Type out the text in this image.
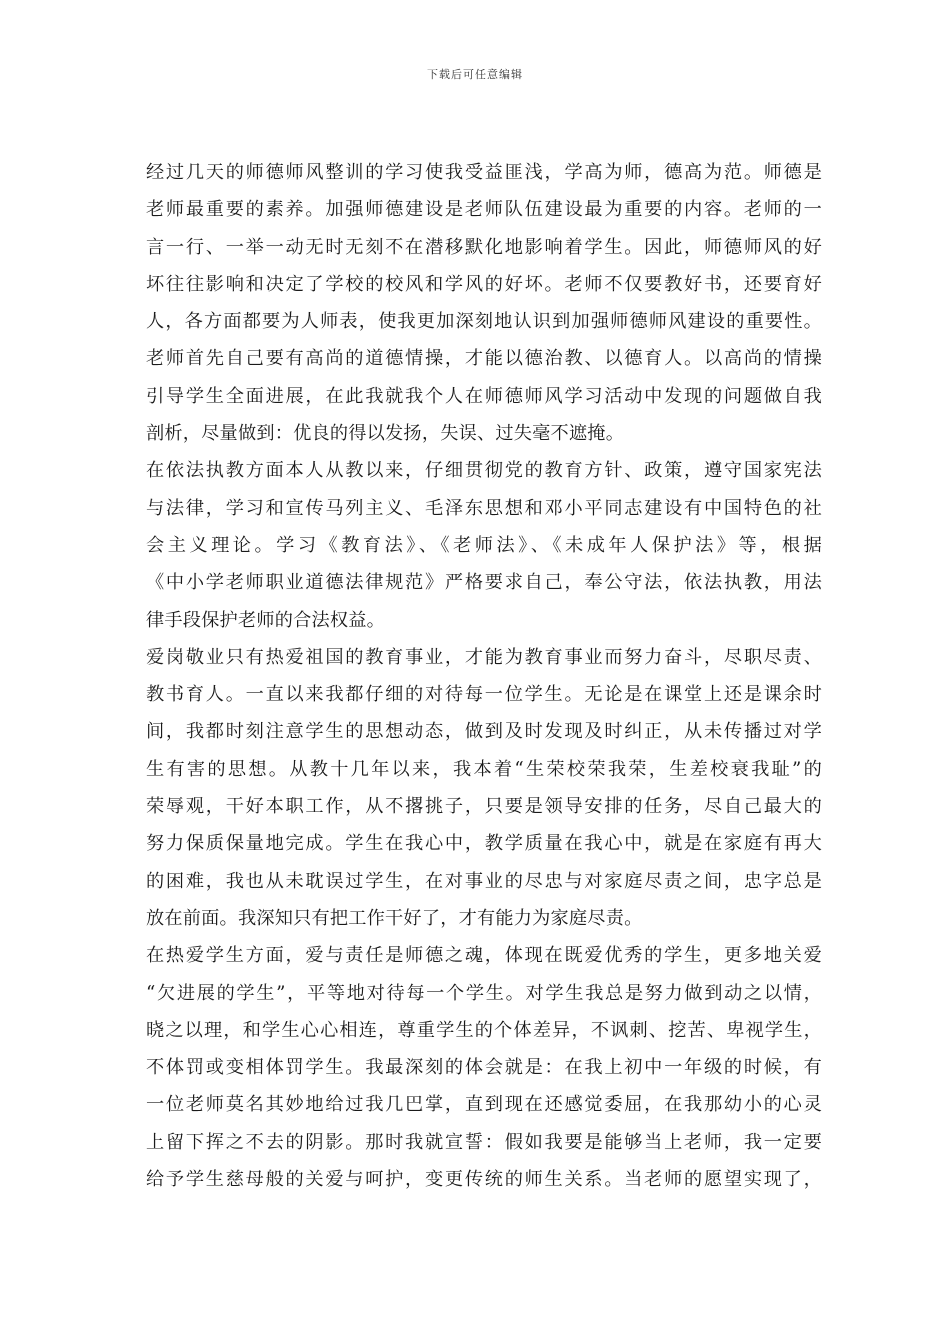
下载后可任意编辑
经过几天的师德师风整训的学习使我受益匪浅，学高为师，德高为范。师德是
老师最重要的素养。加强师德建设是老师队伍建设最为重要的内容。老师的一
言一行、一举一动无时无刻不在潜移默化地影响着学生。因此，师德师风的好
坏往往影响和决定了学校的校风和学风的好坏。老师不仅要教好书，还要育好
人，各方面都要为人师表，使我更加深刻地认识到加强师德师风建设的重要性。
老师首先自己要有高尚的道德情操，才能以德治教、以德育人。以高尚的情操
引导学生全面进展，在此我就我个人在师德师风学习活动中发现的问题做自我
剖析，尽量做到：优良的得以发扬，失误、过失毫不遮掩。
在依法执教方面本人从教以来，仔细贯彻党的教育方针、政策，遵守国家宪法
与法律，学习和宣传马列主义、毛泽东思想和邓小平同志建设有中国特色的社
会主义理论。学习《教育法》、《老师法》、《未成年人保护法》等，根据
《中小学老师职业道德法律规范》严格要求自己，奉公守法，依法执教，用法
律手段保护老师的合法权益。
爱岗敬业只有热爱祖国的教育事业，才能为教育事业而努力奋斗，尽职尽责、
教书育人。一直以来我都仔细的对待每一位学生。无论是在课堂上还是课余时
间，我都时刻注意学生的思想动态，做到及时发现及时纠正，从未传播过对学
生有害的思想。从教十几年以来，我本着“生荣校荣我荣，生差校衰我耻”的
荣辱观，干好本职工作，从不撂挑子，只要是领导安排的任务，尽自己最大的
努力保质保量地完成。学生在我心中，教学质量在我心中，就是在家庭有再大
的困难，我也从未耽误过学生，在对事业的尽忠与对家庭尽责之间，忠字总是
放在前面。我深知只有把工作干好了，才有能力为家庭尽责。
在热爱学生方面，爱与责任是师德之魂，体现在既爱优秀的学生，更多地关爱
“欠进展的学生”，平等地对待每一个学生。对学生我总是努力做到动之以情，
晓之以理，和学生心心相连，尊重学生的个体差异，不讽刺、挖苦、卑视学生，
不体罚或变相体罚学生。我最深刻的体会就是：在我上初中一年级的时候，有
一位老师莫名其妙地给过我几巴掌，直到现在还感觉委屈，在我那幼小的心灵
上留下挥之不去的阴影。那时我就宣誓：假如我要是能够当上老师，我一定要
给予学生慈母般的关爱与呵护，变更传统的师生关系。当老师的愿望实现了，
